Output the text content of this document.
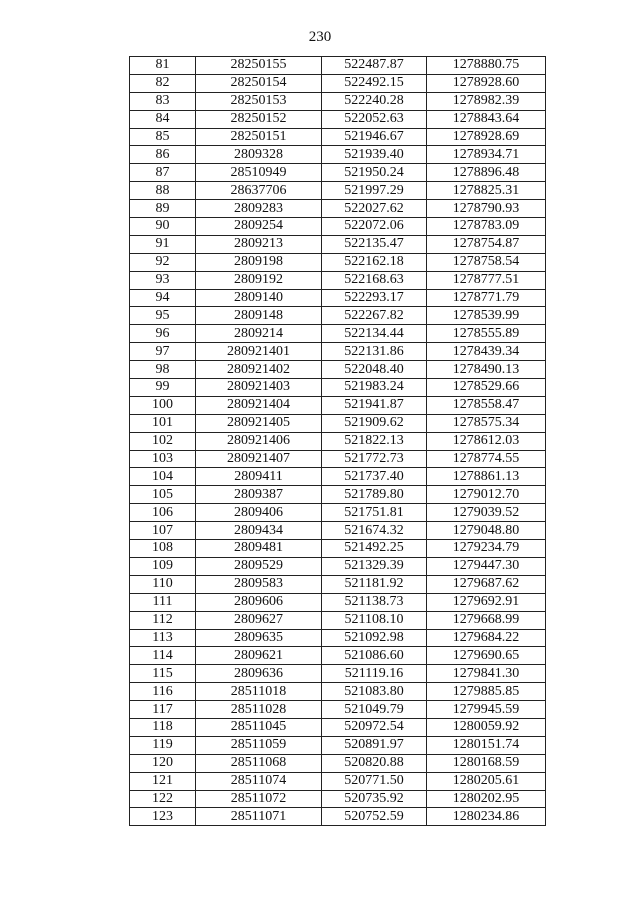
230
81	28250155	522487.87	1278880.75
82	28250154	522492.15	1278928.60
83	28250153	522240.28	1278982.39
84	28250152	522052.63	1278843.64
85	28250151	521946.67	1278928.69
86	2809328	521939.40	1278934.71
87	28510949	521950.24	1278896.48
88	28637706	521997.29	1278825.31
89	2809283	522027.62	1278790.93
90	2809254	522072.06	1278783.09
91	2809213	522135.47	1278754.87
92	2809198	522162.18	1278758.54
93	2809192	522168.63	1278777.51
94	2809140	522293.17	1278771.79
95	2809148	522267.82	1278539.99
96	2809214	522134.44	1278555.89
97	280921401	522131.86	1278439.34
98	280921402	522048.40	1278490.13
99	280921403	521983.24	1278529.66
100	280921404	521941.87	1278558.47
101	280921405	521909.62	1278575.34
102	280921406	521822.13	1278612.03
103	280921407	521772.73	1278774.55
104	2809411	521737.40	1278861.13
105	2809387	521789.80	1279012.70
106	2809406	521751.81	1279039.52
107	2809434	521674.32	1279048.80
108	2809481	521492.25	1279234.79
109	2809529	521329.39	1279447.30
110	2809583	521181.92	1279687.62
111	2809606	521138.73	1279692.91
112	2809627	521108.10	1279668.99
113	2809635	521092.98	1279684.22
114	2809621	521086.60	1279690.65
115	2809636	521119.16	1279841.30
116	28511018	521083.80	1279885.85
117	28511028	521049.79	1279945.59
118	28511045	520972.54	1280059.92
119	28511059	520891.97	1280151.74
120	28511068	520820.88	1280168.59
121	28511074	520771.50	1280205.61
122	28511072	520735.92	1280202.95
123	28511071	520752.59	1280234.86
